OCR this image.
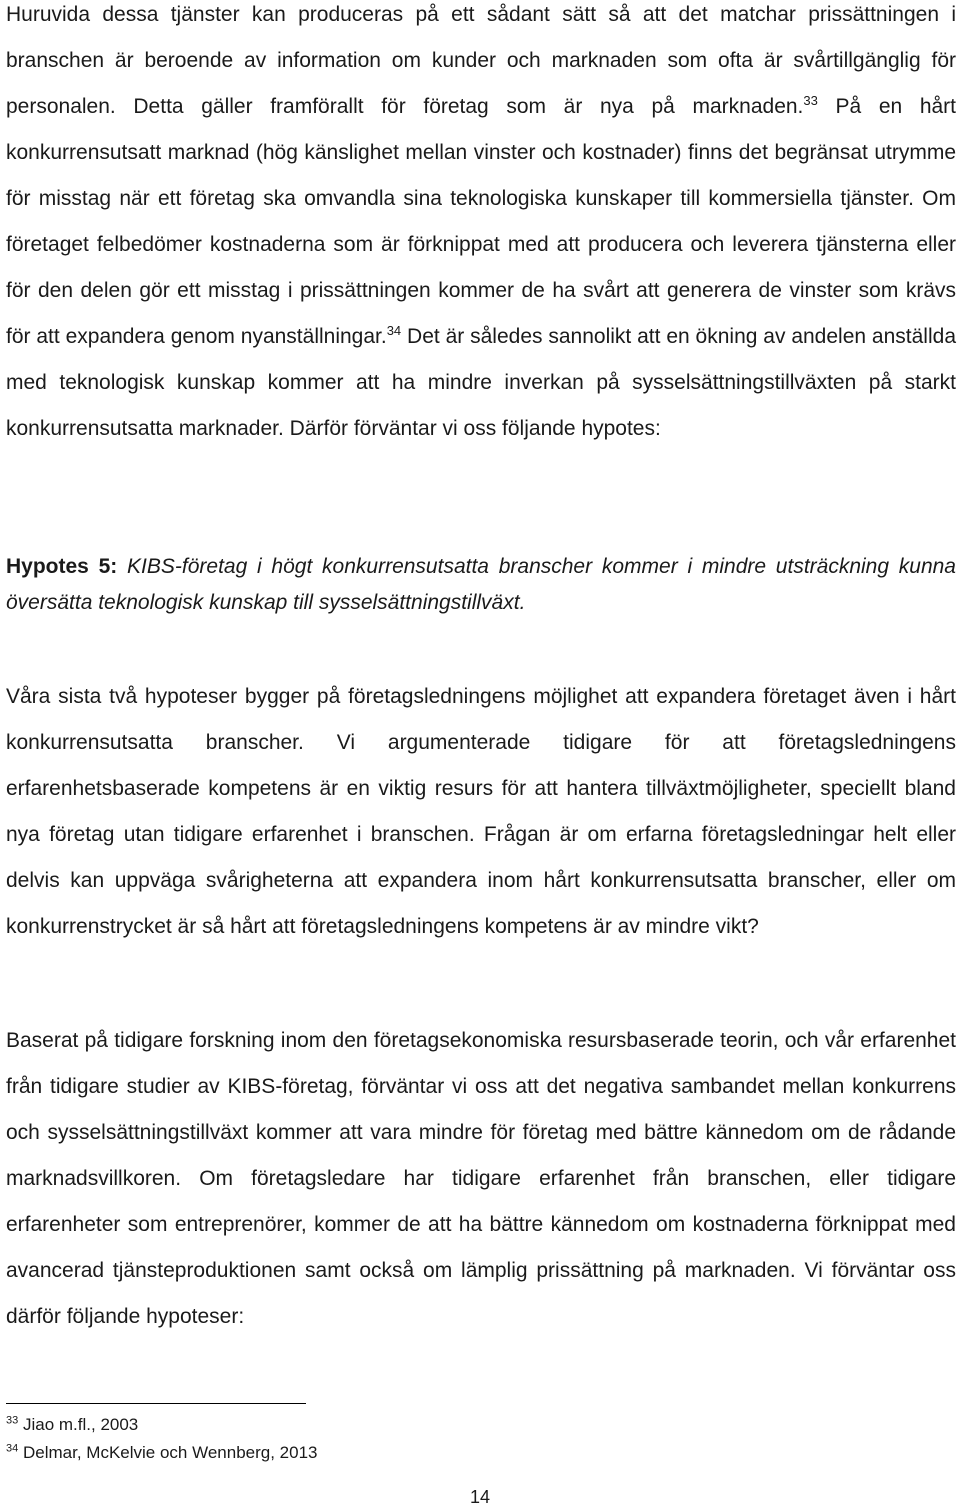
Huruvida dessa tjänster kan produceras på ett sådant sätt så att det matchar prissättningen i branschen är beroende av information om kunder och marknaden som ofta är svårtillgänglig för personalen. Detta gäller framförallt för företag som är nya på marknaden.$^{33}$ På en hårt konkurrensutsatt marknad (hög känslighet mellan vinster och kostnader) finns det begränsat utrymme för misstag när ett företag ska omvandla sina teknologiska kunskaper till kommersiella tjänster. Om företaget felbedömer kostnaderna som är förknippat med att producera och leverera tjänsterna eller för den delen gör ett misstag i prissättningen kommer de ha svårt att generera de vinster som krävs för att expandera genom nyanställningar.$^{34}$ Det är således sannolikt att en ökning av andelen anställda med teknologisk kunskap kommer att ha mindre inverkan på sysselsättningstillväxten på starkt konkurrensutsatta marknader. Därför förväntar vi oss följande hypotes:

Hypotes 5: KIBS-företag i högt konkurrensutsatta branscher kommer i mindre utsträckning kunna översätta teknologisk kunskap till sysselsättningstillväxt.

Våra sista två hypoteser bygger på företagsledningens möjlighet att expandera företaget även i hårt konkurrensutsatta branscher. Vi argumenterade tidigare för att företagsledningens erfarenhetsbaserade kompetens är en viktig resurs för att hantera tillväxtmöjligheter, speciellt bland nya företag utan tidigare erfarenhet i branschen. Frågan är om erfarna företagsledningar helt eller delvis kan uppväga svårigheterna att expandera inom hårt konkurrensutsatta branscher, eller om konkurrenstrycket är så hårt att företagsledningens kompetens är av mindre vikt?

Baserat på tidigare forskning inom den företagsekonomiska resursbaserade teorin, och vår erfarenhet från tidigare studier av KIBS-företag, förväntar vi oss att det negativa sambandet mellan konkurrens och sysselsättningstillväxt kommer att vara mindre för företag med bättre kännedom om de rådande marknadsvillkoren. Om företagsledare har tidigare erfarenhet från branschen, eller tidigare erfarenheter som entreprenörer, kommer de att ha bättre kännedom om kostnaderna förknippat med avancerad tjänsteproduktionen samt också om lämplig prissättning på marknaden. Vi förväntar oss därför följande hypoteser:

$^{33}$ Jiao m.fl., 2003
$^{34}$ Delmar, McKelvie och Wennberg, 2013
14
